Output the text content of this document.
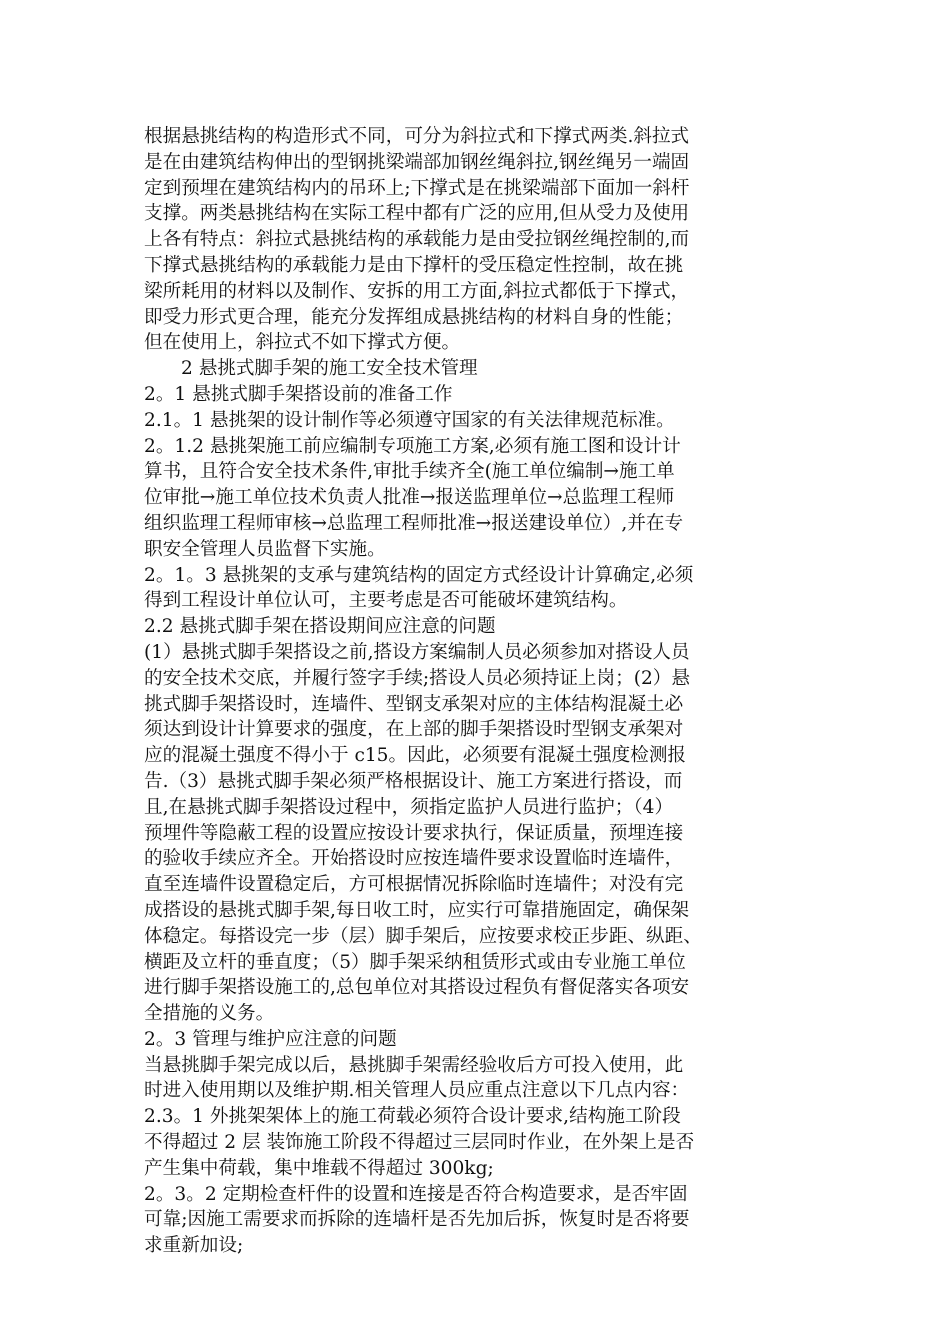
根据悬挑结构的构造形式不同，可分为斜拉式和下撑式两类.斜拉式
是在由建筑结构伸出的型钢挑梁端部加钢丝绳斜拉,钢丝绳另一端固
定到预埋在建筑结构内的吊环上;下撑式是在挑梁端部下面加一斜杆
支撑。两类悬挑结构在实际工程中都有广泛的应用,但从受力及使用
上各有特点：斜拉式悬挑结构的承载能力是由受拉钢丝绳控制的,而
下撑式悬挑结构的承载能力是由下撑杆的受压稳定性控制，故在挑
梁所耗用的材料以及制作、安拆的用工方面,斜拉式都低于下撑式，
即受力形式更合理，能充分发挥组成悬挑结构的材料自身的性能；
但在使用上，斜拉式不如下撑式方便。
2 悬挑式脚手架的施工安全技术管理
2。1 悬挑式脚手架搭设前的准备工作
2.1。1 悬挑架的设计制作等必须遵守国家的有关法律规范标准。
2。1.2 悬挑架施工前应编制专项施工方案,必须有施工图和设计计
算书，且符合安全技术条件,审批手续齐全(施工单位编制→施工单
位审批→施工单位技术负责人批准→报送监理单位→总监理工程师
组织监理工程师审核→总监理工程师批准→报送建设单位）,并在专
职安全管理人员监督下实施。
2。1。3 悬挑架的支承与建筑结构的固定方式经设计计算确定,必须
得到工程设计单位认可，主要考虑是否可能破坏建筑结构。
2.2 悬挑式脚手架在搭设期间应注意的问题
(1）悬挑式脚手架搭设之前,搭设方案编制人员必须参加对搭设人员
的安全技术交底，并履行签字手续;搭设人员必须持证上岗；(2）悬
挑式脚手架搭设时，连墙件、型钢支承架对应的主体结构混凝土必
须达到设计计算要求的强度，在上部的脚手架搭设时型钢支承架对
应的混凝土强度不得小于 c15。因此，必须要有混凝土强度检测报
告.（3）悬挑式脚手架必须严格根据设计、施工方案进行搭设，而
且,在悬挑式脚手架搭设过程中，须指定监护人员进行监护；（4）
预埋件等隐蔽工程的设置应按设计要求执行，保证质量，预埋连接
的验收手续应齐全。开始搭设时应按连墙件要求设置临时连墙件，
直至连墙件设置稳定后，方可根据情况拆除临时连墙件；对没有完
成搭设的悬挑式脚手架,每日收工时，应实行可靠措施固定，确保架
体稳定。每搭设完一步（层）脚手架后，应按要求校正步距、纵距、
横距及立杆的垂直度；（5）脚手架采纳租赁形式或由专业施工单位
进行脚手架搭设施工的,总包单位对其搭设过程负有督促落实各项安
全措施的义务。
2。3 管理与维护应注意的问题
当悬挑脚手架完成以后，悬挑脚手架需经验收后方可投入使用，此
时进入使用期以及维护期.相关管理人员应重点注意以下几点内容：
2.3。1 外挑架架体上的施工荷载必须符合设计要求,结构施工阶段
不得超过 2 层 装饰施工阶段不得超过三层同时作业，在外架上是否
产生集中荷载，集中堆载不得超过 300kg;
2。3。2 定期检查杆件的设置和连接是否符合构造要求，是否牢固
可靠;因施工需要求而拆除的连墙杆是否先加后拆，恢复时是否将要
求重新加设;
